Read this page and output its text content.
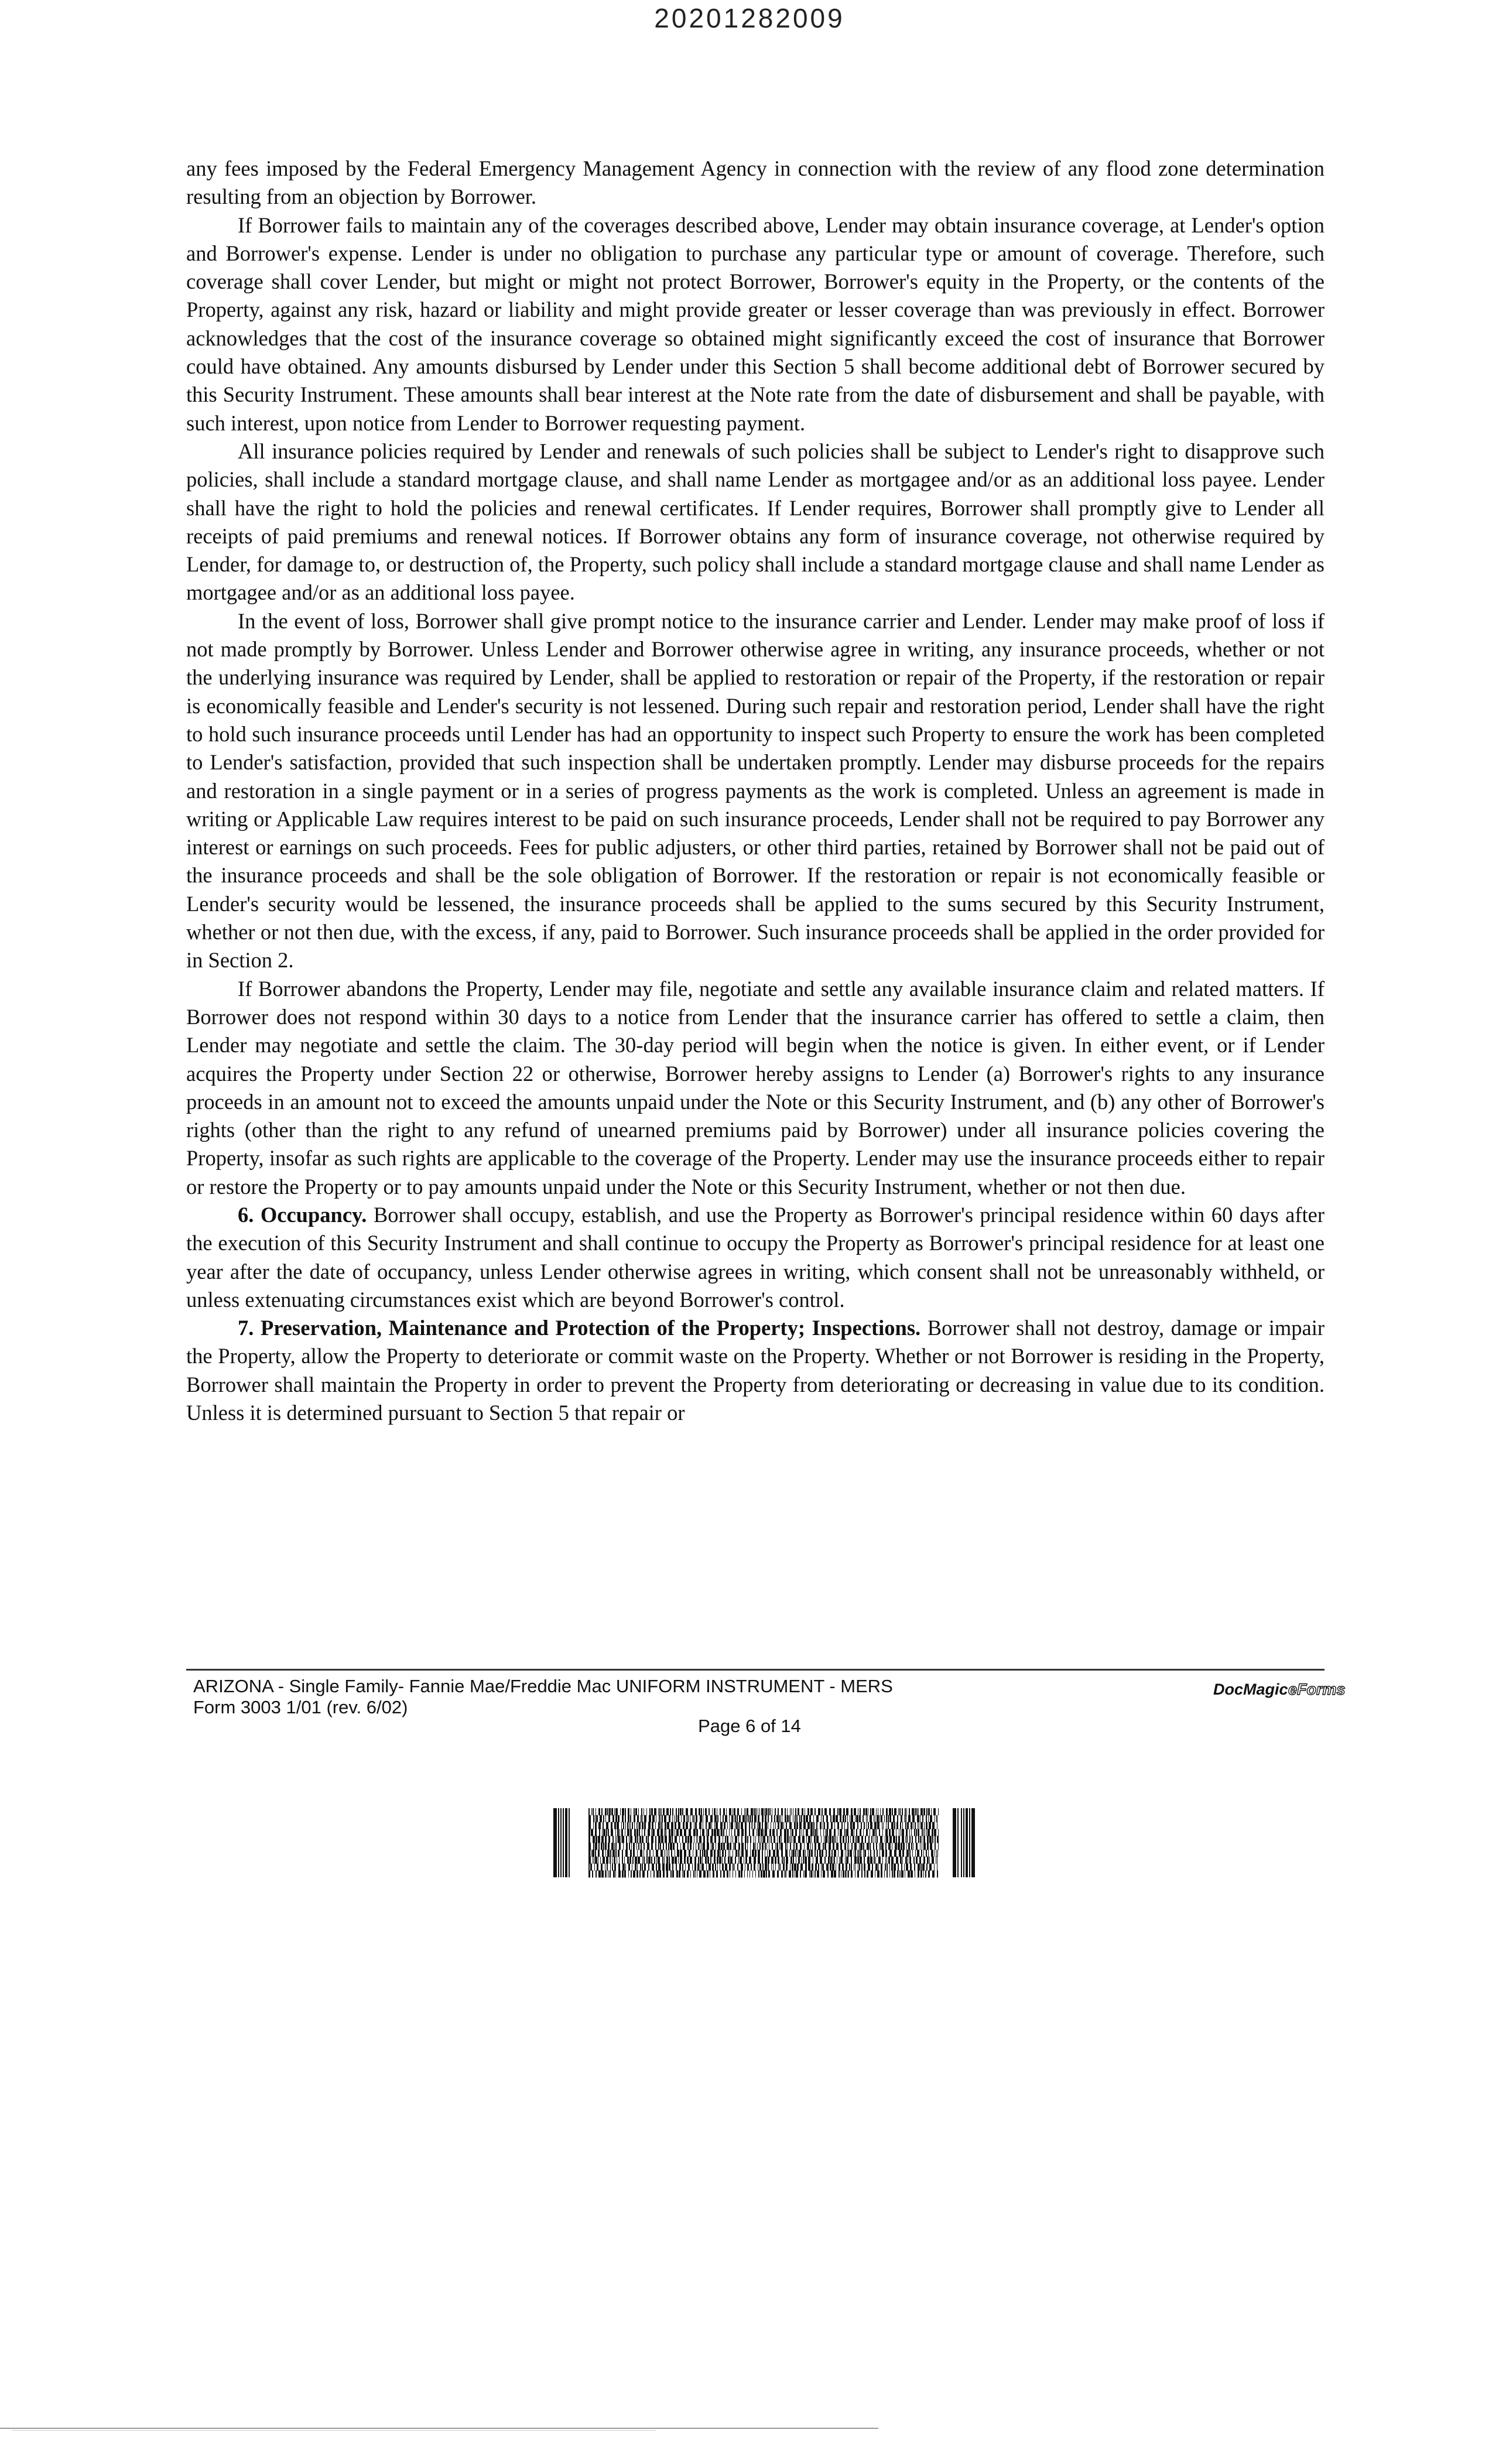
20201282009

any fees imposed by the Federal Emergency Management Agency in connection with the review of any flood zone determination resulting from an objection by Borrower.

If Borrower fails to maintain any of the coverages described above, Lender may obtain insurance coverage, at Lender's option and Borrower's expense. Lender is under no obligation to purchase any particular type or amount of coverage. Therefore, such coverage shall cover Lender, but might or might not protect Borrower, Borrower's equity in the Property, or the contents of the Property, against any risk, hazard or liability and might provide greater or lesser coverage than was previously in effect. Borrower acknowledges that the cost of the insurance coverage so obtained might significantly exceed the cost of insurance that Borrower could have obtained. Any amounts disbursed by Lender under this Section 5 shall become additional debt of Borrower secured by this Security Instrument. These amounts shall bear interest at the Note rate from the date of disbursement and shall be payable, with such interest, upon notice from Lender to Borrower requesting payment.

All insurance policies required by Lender and renewals of such policies shall be subject to Lender's right to disapprove such policies, shall include a standard mortgage clause, and shall name Lender as mortgagee and/or as an additional loss payee. Lender shall have the right to hold the policies and renewal certificates. If Lender requires, Borrower shall promptly give to Lender all receipts of paid premiums and renewal notices. If Borrower obtains any form of insurance coverage, not otherwise required by Lender, for damage to, or destruction of, the Property, such policy shall include a standard mortgage clause and shall name Lender as mortgagee and/or as an additional loss payee.

In the event of loss, Borrower shall give prompt notice to the insurance carrier and Lender. Lender may make proof of loss if not made promptly by Borrower. Unless Lender and Borrower otherwise agree in writing, any insurance proceeds, whether or not the underlying insurance was required by Lender, shall be applied to restoration or repair of the Property, if the restoration or repair is economically feasible and Lender's security is not lessened. During such repair and restoration period, Lender shall have the right to hold such insurance proceeds until Lender has had an opportunity to inspect such Property to ensure the work has been completed to Lender's satisfaction, provided that such inspection shall be undertaken promptly. Lender may disburse proceeds for the repairs and restoration in a single payment or in a series of progress payments as the work is completed. Unless an agreement is made in writing or Applicable Law requires interest to be paid on such insurance proceeds, Lender shall not be required to pay Borrower any interest or earnings on such proceeds. Fees for public adjusters, or other third parties, retained by Borrower shall not be paid out of the insurance proceeds and shall be the sole obligation of Borrower. If the restoration or repair is not economically feasible or Lender's security would be lessened, the insurance proceeds shall be applied to the sums secured by this Security Instrument, whether or not then due, with the excess, if any, paid to Borrower. Such insurance proceeds shall be applied in the order provided for in Section 2.

If Borrower abandons the Property, Lender may file, negotiate and settle any available insurance claim and related matters. If Borrower does not respond within 30 days to a notice from Lender that the insurance carrier has offered to settle a claim, then Lender may negotiate and settle the claim. The 30-day period will begin when the notice is given. In either event, or if Lender acquires the Property under Section 22 or otherwise, Borrower hereby assigns to Lender (a) Borrower's rights to any insurance proceeds in an amount not to exceed the amounts unpaid under the Note or this Security Instrument, and (b) any other of Borrower's rights (other than the right to any refund of unearned premiums paid by Borrower) under all insurance policies covering the Property, insofar as such rights are applicable to the coverage of the Property. Lender may use the insurance proceeds either to repair or restore the Property or to pay amounts unpaid under the Note or this Security Instrument, whether or not then due.

6. Occupancy. Borrower shall occupy, establish, and use the Property as Borrower's principal residence within 60 days after the execution of this Security Instrument and shall continue to occupy the Property as Borrower's principal residence for at least one year after the date of occupancy, unless Lender otherwise agrees in writing, which consent shall not be unreasonably withheld, or unless extenuating circumstances exist which are beyond Borrower's control.

7. Preservation, Maintenance and Protection of the Property; Inspections. Borrower shall not destroy, damage or impair the Property, allow the Property to deteriorate or commit waste on the Property. Whether or not Borrower is residing in the Property, Borrower shall maintain the Property in order to prevent the Property from deteriorating or decreasing in value due to its condition. Unless it is determined pursuant to Section 5 that repair or

ARIZONA - Single Family- Fannie Mae/Freddie Mac UNIFORM INSTRUMENT - MERS
Form 3003 1/01 (rev. 6/02)
DocMagic eForms
Page 6 of 14
